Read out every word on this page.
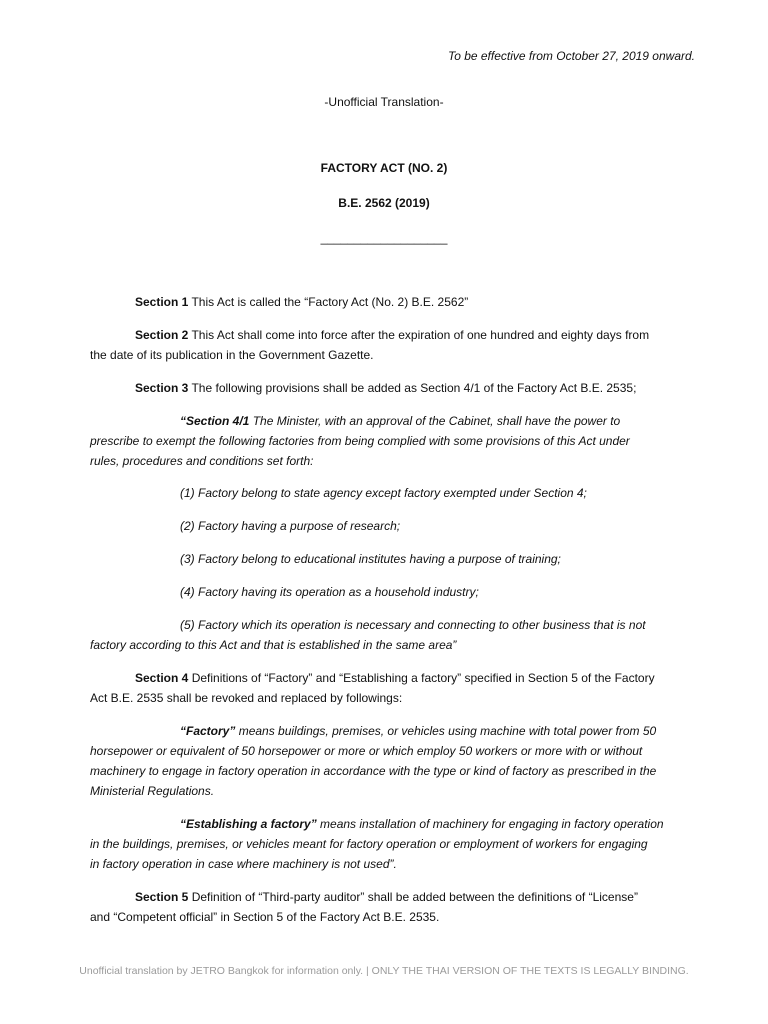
To be effective from October 27, 2019 onward.
-Unofficial Translation-
FACTORY ACT (NO. 2)
B.E. 2562 (2019)
___________________
Section 1 This Act is called the “Factory Act (No. 2) B.E. 2562”
Section 2 This Act shall come into force after the expiration of one hundred and eighty days from
the date of its publication in the Government Gazette.
Section 3 The following provisions shall be added as Section 4/1 of the Factory Act B.E. 2535;
“Section 4/1 The Minister, with an approval of the Cabinet, shall have the power to
prescribe to exempt the following factories from being complied with some provisions of this Act under
rules, procedures and conditions set forth:
(1) Factory belong to state agency except factory exempted under Section 4;
(2) Factory having a purpose of research;
(3) Factory belong to educational institutes having a purpose of training;
(4) Factory having its operation as a household industry;
(5) Factory which its operation is necessary and connecting to other business that is not
factory according to this Act and that is established in the same area”
Section 4 Definitions of “Factory” and “Establishing a factory” specified in Section 5 of the Factory
Act B.E. 2535 shall be revoked and replaced by followings:
“Factory” means buildings, premises, or vehicles using machine with total power from 50
horsepower or equivalent of 50 horsepower or more or which employ 50 workers or more with or without
machinery to engage in factory operation in accordance with the type or kind of factory as prescribed in the
Ministerial Regulations.
“Establishing a factory” means installation of machinery for engaging in factory operation
in the buildings, premises, or vehicles meant for factory operation or employment of workers for engaging
in factory operation in case where machinery is not used”.
Section 5 Definition of “Third-party auditor” shall be added between the definitions of “License”
and “Competent official” in Section 5 of the Factory Act B.E. 2535.
Unofficial translation by JETRO Bangkok for information only. | ONLY THE THAI VERSION OF THE TEXTS IS LEGALLY BINDING.
